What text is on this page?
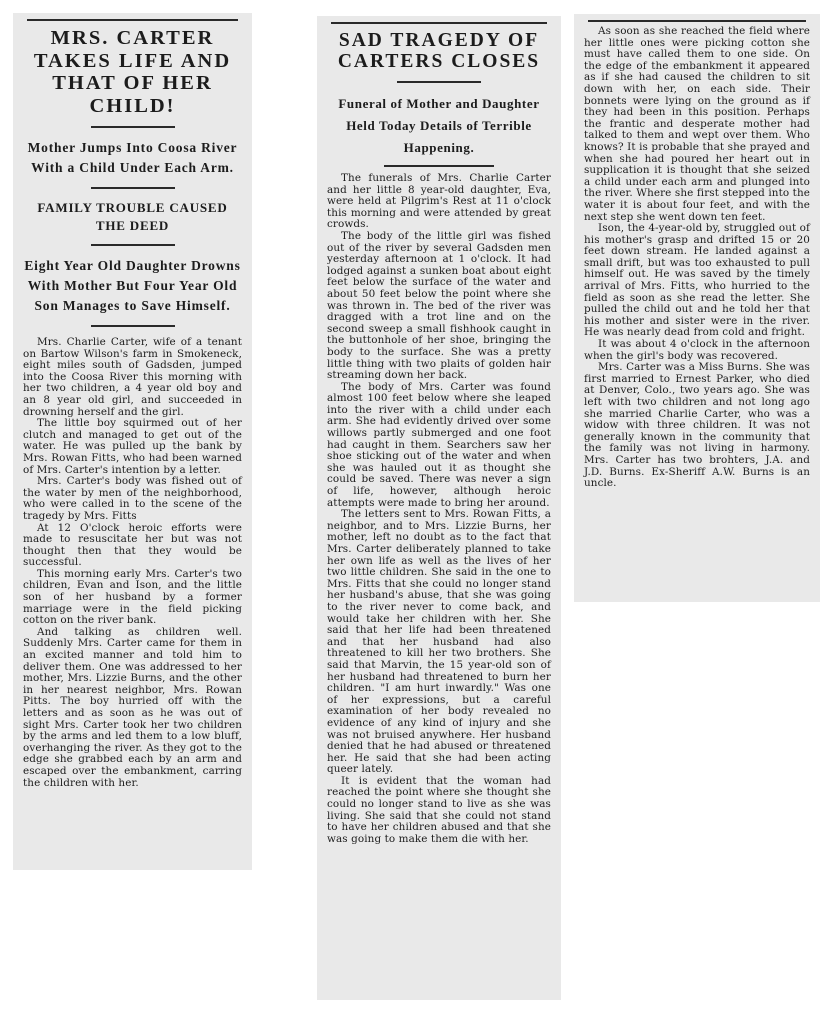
MRS. CARTER TAKES LIFE AND THAT OF HER CHILD!

Mother Jumps Into Coosa River With a Child Under Each Arm.

FAMILY TROUBLE CAUSED THE DEED

Eight Year Old Daughter Drowns With Mother But Four Year Old Son Manages to Save Himself.

Mrs. Charlie Carter, wife of a tenant on Bartow Wilson's farm in Smokeneck, eight miles south of Gadsden, jumped into the Coosa River this morning with her two children, a 4 year old boy and an 8 year old girl, and succeeded in drowning herself and the girl.

The little boy squirmed out of her clutch and managed to get out of the water. He was pulled up the bank by Mrs. Rowan Fitts, who had been warned of Mrs. Carter's intention by a letter.

Mrs. Carter's body was fished out of the water by men of the neighborhood, who were called in to the scene of the tragedy by Mrs. Fitts

At 12 O'clock heroic efforts were made to resuscitate her but was not thought then that they would be successful.

This morning early Mrs. Carter's two children, Evan and Ison, and the little son of her husband by a former marriage were in the field picking cotton on the river bank.

And talking as children well. Suddenly Mrs. Carter came for them in an excited manner and told him to deliver them. One was addressed to her mother, Mrs. Lizzie Burns, and the other in her nearest neighbor, Mrs. Rowan Pitts. The boy hurried off with the letters and as soon as he was out of sight Mrs. Carter took her two children by the arms and led them to a low bluff, overhanging the river. As they got to the edge she grabbed each by an arm and escaped over the embankment, carring the children with her.

SAD TRAGEDY OF CARTERS CLOSES

Funeral of Mother and Daughter Held Today Details of Terrible Happening.

The funerals of Mrs. Charlie Carter and her little 8 year-old daughter, Eva, were held at Pilgrim's Rest at 11 o'clock this morning and were attended by great crowds.

The body of the little girl was fished out of the river by several Gadsden men yesterday afternoon at 1 o'clock. It had lodged against a sunken boat about eight feet below the surface of the water and about 50 feet below the point where she was thrown in. The bed of the river was dragged with a trot line and on the second sweep a small fishhook caught in the buttonhole of her shoe, bringing the body to the surface. She was a pretty little thing with two plaits of golden hair streaming down her back.

The body of Mrs. Carter was found almost 100 feet below where she leaped into the river with a child under each arm. She had evidently drived over some willows partly submerged and one foot had caught in them. Searchers saw her shoe sticking out of the water and when she was hauled out it as thought she could be saved. There was never a sign of life, however, although heroic attempts were made to bring her around.

The letters sent to Mrs. Rowan Fitts, a neighbor, and to Mrs. Lizzie Burns, her mother, left no doubt as to the fact that Mrs. Carter deliberately planned to take her own life as well as the lives of her two little children. She said in the one to Mrs. Fitts that she could no longer stand her husband's abuse, that she was going to the river never to come back, and would take her children with her. She said that her life had been threatened and that her husband had also threatened to kill her two brothers. She said that Marvin, the 15 year-old son of her husband had threatened to burn her children. "I am hurt inwardly." Was one of her expressions, but a careful examination of her body revealed no evidence of any kind of injury and she was not bruised anywhere. Her husband denied that he had abused or threatened her. He said that she had been acting queer lately.

It is evident that the woman had reached the point where she thought she could no longer stand to live as she was living. She said that she could not stand to have her children abused and that she was going to make them die with her.

As soon as she reached the field where her little ones were picking cotton she must have called them to one side. On the edge of the embankment it appeared as if she had caused the children to sit down with her, on each side. Their bonnets were lying on the ground as if they had been in this position. Perhaps the frantic and desperate mother had talked to them and wept over them. Who knows? It is probable that she prayed and when she had poured her heart out in supplication it is thought that she seized a child under each arm and plunged into the river. Where she first stepped into the water it is about four feet, and with the next step she went down ten feet.

Ison, the 4-year-old by, struggled out of his mother's grasp and drifted 15 or 20 feet down stream. He landed against a small drift, but was too exhausted to pull himself out. He was saved by the timely arrival of Mrs. Fitts, who hurried to the field as soon as she read the letter. She pulled the child out and he told her that his mother and sister were in the river. He was nearly dead from cold and fright.

It was about 4 o'clock in the afternoon when the girl's body was recovered.

Mrs. Carter was a Miss Burns. She was first married to Ernest Parker, who died at Denver, Colo., two years ago. She was left with two children and not long ago she married Charlie Carter, who was a widow with three children. It was not generally known in the community that the family was not living in harmony. Mrs. Carter has two brohters, J.A. and J.D. Burns. Ex-Sheriff A.W. Burns is an uncle.
